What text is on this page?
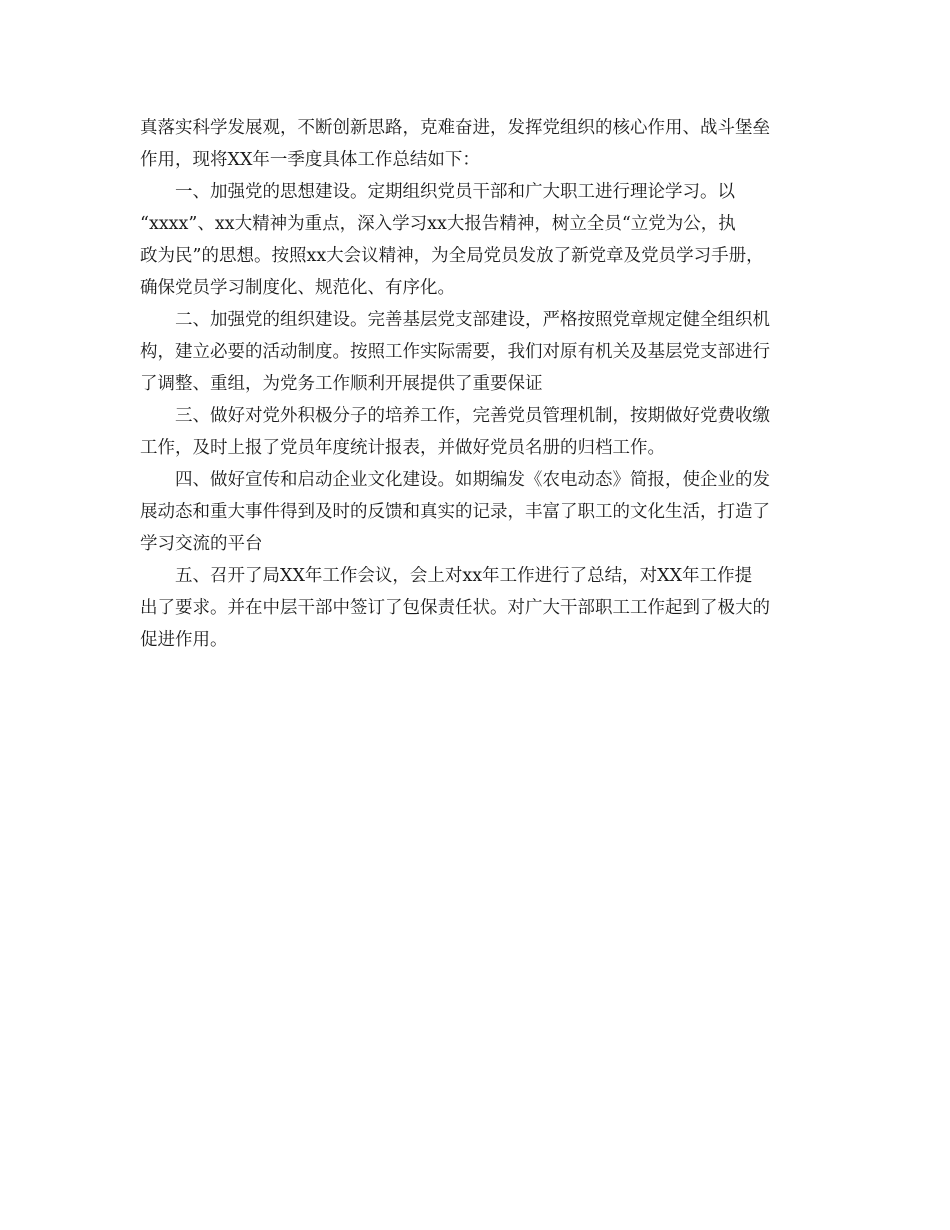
真落实科学发展观，不断创新思路，克难奋进，发挥党组织的核心作用、战斗堡垒

作用，现将XX年一季度具体工作总结如下：

一、加强党的思想建设。定期组织党员干部和广大职工进行理论学习。以

“xxxx”、xx大精神为重点，深入学习xx大报告精神，树立全员“立党为公，执

政为民”的思想。按照xx大会议精神，为全局党员发放了新党章及党员学习手册，

确保党员学习制度化、规范化、有序化。

二、加强党的组织建设。完善基层党支部建设，严格按照党章规定健全组织机

构，建立必要的活动制度。按照工作实际需要，我们对原有机关及基层党支部进行

了调整、重组，为党务工作顺利开展提供了重要保证

三、做好对党外积极分子的培养工作，完善党员管理机制，按期做好党费收缴

工作，及时上报了党员年度统计报表，并做好党员名册的归档工作。

四、做好宣传和启动企业文化建设。如期编发《农电动态》简报，使企业的发

展动态和重大事件得到及时的反馈和真实的记录，丰富了职工的文化生活，打造了

学习交流的平台

五、召开了局XX年工作会议，会上对xx年工作进行了总结，对XX年工作提

出了要求。并在中层干部中签订了包保责任状。对广大干部职工工作起到了极大的

促进作用。
